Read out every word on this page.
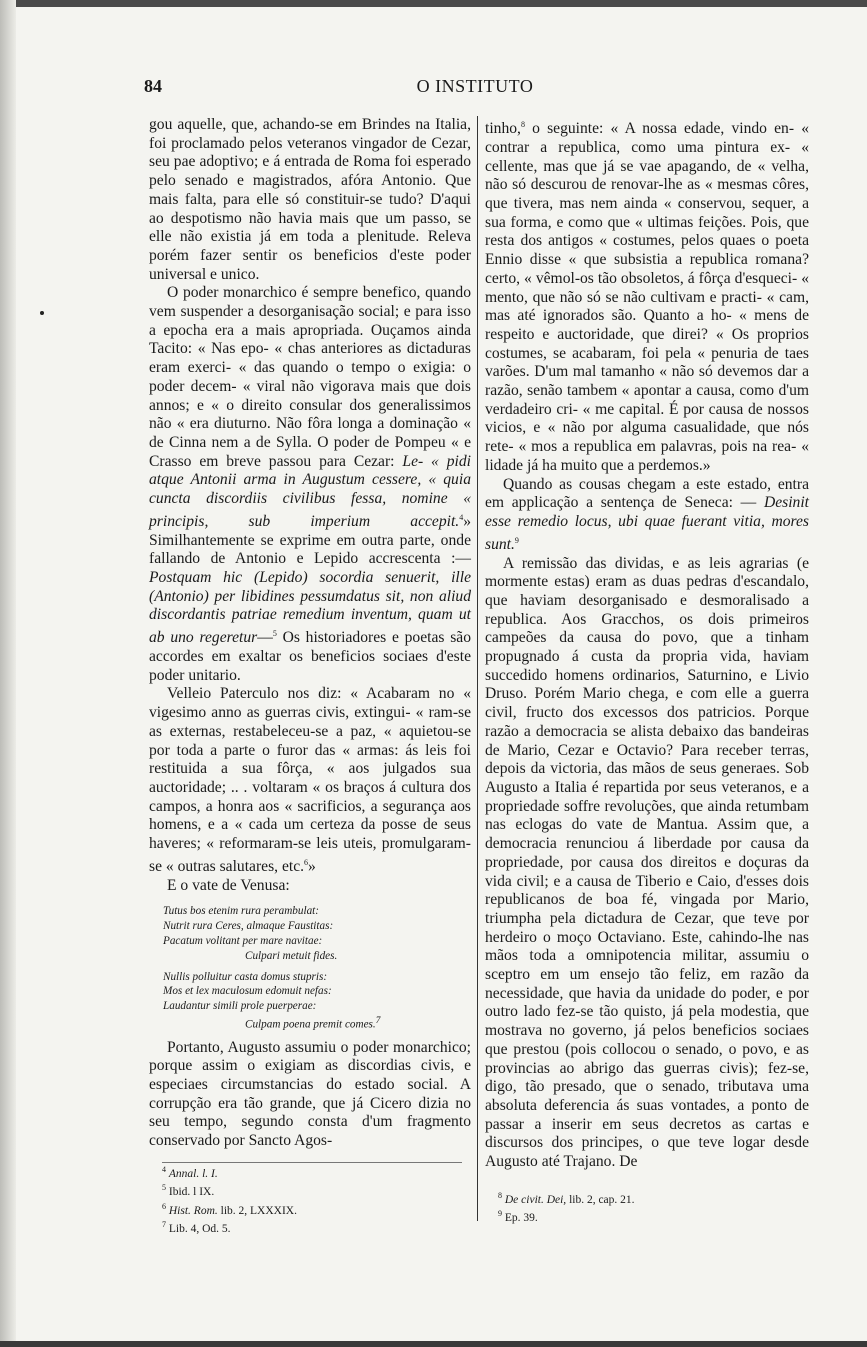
84	O INSTITUTO

gou aquelle, que, achando-se em Brindes na Italia, foi proclamado pelos veteranos vingador de Cezar, seu pae adoptivo; e á entrada de Roma foi esperado pelo senado e magistrados, afóra Antonio. Que mais falta, para elle só constituir-se tudo? D'aqui ao despotismo não havia mais que um passo, se elle não existia já em toda a plenitude. Releva porém fazer sentir os beneficios d'este poder universal e unico.

O poder monarchico é sempre benefico, quando vem suspender a desorganisação social; e para isso a epocha era a mais apropriada. Ouçamos ainda Tacito: « Nas epo- « chas anteriores as dictaduras eram exerci- « das quando o tempo o exigia: o poder decem- « viral não vigorava mais que dois annos; e « o direito consular dos generalissimos não « era diuturno. Não fôra longa a dominação « de Cinna nem a de Sylla. O poder de Pompeu « e Crasso em breve passou para Cezar: Le- « pidi atque Antonii arma in Augustum cessere, « quia cuncta discordiis civilibus fessa, nomine « principis, sub imperium accepit.$^4$» Similhantemente se exprime em outra parte, onde fallando de Antonio e Lepido accrescenta :—Postquam hic (Lepido) socordia senuerit, ille (Antonio) per libidines pessumdatus sit, non aliud discordantis patriae remedium inventum, quam ut ab uno regeretur—$^5$ Os historiadores e poetas são accordes em exaltar os beneficios sociaes d'este poder unitario.

Velleio Paterculo nos diz: « Acabaram no « vigesimo anno as guerras civis, extingui- « ram-se as externas, restabeleceu-se a paz, « aquietou-se por toda a parte o furor das « armas: ás leis foi restituida a sua fôrça, « aos julgados sua auctoridade; .. . voltaram « os braços á cultura dos campos, a honra aos « sacrificios, a segurança aos homens, e a « cada um certeza da posse de seus haveres; « reformaram-se leis uteis, promulgaram-se « outras salutares, etc.$^6$»

E o vate de Venusa:

Tutus bos etenim rura perambulat:
Nutrit rura Ceres, almaque Faustitas:
Pacatum volitant per mare navitae:
Culpari metuit fides.
Nullis polluitur casta domus stupris:
Mos et lex maculosum edomuit nefas:
Laudantur simili prole puerperae:
Culpam poena premit comes.$^7$

Portanto, Augusto assumiu o poder monarchico; porque assim o exigiam as discordias civis, e especiaes circumstancias do estado social. A corrupção era tão grande, que já Cicero dizia no seu tempo, segundo consta d'um fragmento conservado por Sancto Agos-

tinho,$^8$ o seguinte: « A nossa edade, vindo en- « contrar a republica, como uma pintura ex- « cellente, mas que já se vae apagando, de « velha, não só descurou de renovar-lhe as « mesmas côres, que tivera, mas nem ainda « conservou, sequer, a sua forma, e como que « ultimas feições. Pois, que resta dos antigos « costumes, pelos quaes o poeta Ennio disse « que subsistia a republica romana? certo, « vêmol-os tão obsoletos, á fôrça d'esqueci- « mento, que não só se não cultivam e practi- « cam, mas até ignorados são. Quanto a ho- « mens de respeito e auctoridade, que direi? « Os proprios costumes, se acabaram, foi pela « penuria de taes varões. D'um mal tamanho « não só devemos dar a razão, senão tambem « apontar a causa, como d'um verdadeiro cri- « me capital. É por causa de nossos vicios, e « não por alguma casualidade, que nós rete- « mos a republica em palavras, pois na rea- « lidade já ha muito que a perdemos.»

Quando as cousas chegam a este estado, entra em applicação a sentença de Seneca: — Desinit esse remedio locus, ubi quae fuerant vitia, mores sunt.$^9$

A remissão das dividas, e as leis agrarias (e mormente estas) eram as duas pedras d'escandalo, que haviam desorganisado e desmoralisado a republica. Aos Gracchos, os dois primeiros campeões da causa do povo, que a tinham propugnado á custa da propria vida, haviam succedido homens ordinarios, Saturnino, e Livio Druso. Porém Mario chega, e com elle a guerra civil, fructo dos excessos dos patricios. Porque razão a democracia se alista debaixo das bandeiras de Mario, Cezar e Octavio? Para receber terras, depois da victoria, das mãos de seus generaes. Sob Augusto a Italia é repartida por seus veteranos, e a propriedade soffre revoluções, que ainda retumbam nas eclogas do vate de Mantua. Assim que, a democracia renunciou á liberdade por causa da propriedade, por causa dos direitos e doçuras da vida civil; e a causa de Tiberio e Caio, d'esses dois republicanos de boa fé, vingada por Mario, triumpha pela dictadura de Cezar, que teve por herdeiro o moço Octaviano. Este, cahindo-lhe nas mãos toda a omnipotencia militar, assumiu o sceptro em um ensejo tão feliz, em razão da necessidade, que havia da unidade do poder, e por outro lado fez-se tão quisto, já pela modestia, que mostrava no governo, já pelos beneficios sociaes que prestou (pois collocou o senado, o povo, e as provincias ao abrigo das guerras civis); fez-se, digo, tão presado, que o senado, tributava uma absoluta deferencia ás suas vontades, a ponto de passar a inserir em seus decretos as cartas e discursos dos principes, o que teve logar desde Augusto até Trajano. De

$^4$ Annal. l. I.
$^5$ Ibid. l IX.
$^6$ Hist. Rom. lib. 2, LXXXIX.
$^7$ Lib. 4, Od. 5.
$^8$ De civit. Dei, lib. 2, cap. 21.
$^9$ Ep. 39.
